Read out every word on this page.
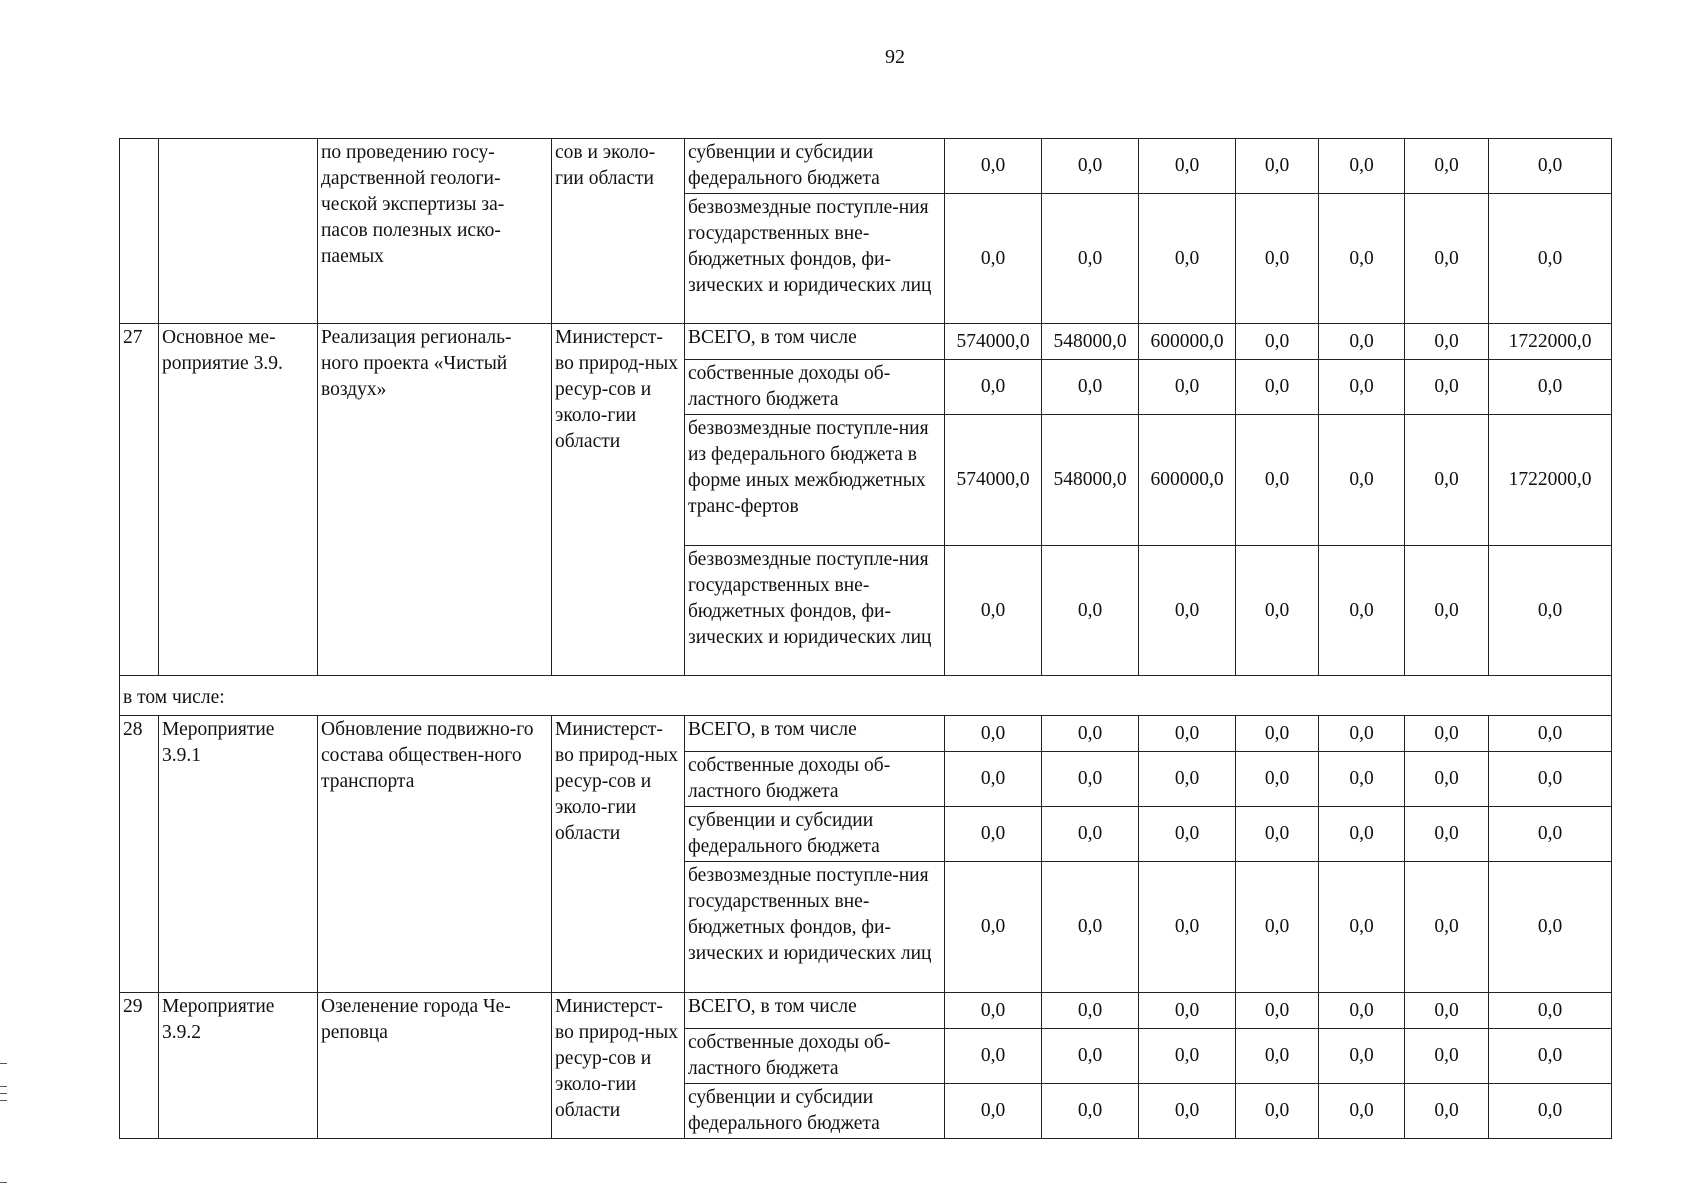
92
		по проведению госу-дарственной геологи-ческой экспертизы за-пасов полезных иско-паемых	сов и эколо-гии области	субвенции и субсидии федерального бюджета	0,0	0,0	0,0	0,0	0,0	0,0	0,0
				безвозмездные поступле-ния государственных вне-бюджетных фондов, фи-зических и юридических лиц	0,0	0,0	0,0	0,0	0,0	0,0	0,0
27	Основное ме-роприятие 3.9.	Реализация региональ-ного проекта «Чистый воздух»	Министерст-во природ-ных ресур-сов и эколо-гии области	ВСЕГО, в том числе	574000,0	548000,0	600000,0	0,0	0,0	0,0	1722000,0
				собственные доходы об-ластного бюджета	0,0	0,0	0,0	0,0	0,0	0,0	0,0
				безвозмездные поступле-ния из федерального бюджета в форме иных межбюджетных транс-фертов	574000,0	548000,0	600000,0	0,0	0,0	0,0	1722000,0
				безвозмездные поступле-ния государственных вне-бюджетных фондов, фи-зических и юридических лиц	0,0	0,0	0,0	0,0	0,0	0,0	0,0
в том числе:											
28	Мероприятие 3.9.1	Обновление подвижно-го состава обществен-ного транспорта	Министерст-во природ-ных ресур-сов и эколо-гии области	ВСЕГО, в том числе	0,0	0,0	0,0	0,0	0,0	0,0	0,0
				собственные доходы об-ластного бюджета	0,0	0,0	0,0	0,0	0,0	0,0	0,0
				субвенции и субсидии федерального бюджета	0,0	0,0	0,0	0,0	0,0	0,0	0,0
				безвозмездные поступле-ния государственных вне-бюджетных фондов, фи-зических и юридических лиц	0,0	0,0	0,0	0,0	0,0	0,0	0,0
29	Мероприятие 3.9.2	Озеленение города Че-реповца	Министерст-во природ-ных ресур-сов и эколо-гии области	ВСЕГО, в том числе	0,0	0,0	0,0	0,0	0,0	0,0	0,0
				собственные доходы об-ластного бюджета	0,0	0,0	0,0	0,0	0,0	0,0	0,0
				субвенции и субсидии федерального бюджета	0,0	0,0	0,0	0,0	0,0	0,0	0,0
